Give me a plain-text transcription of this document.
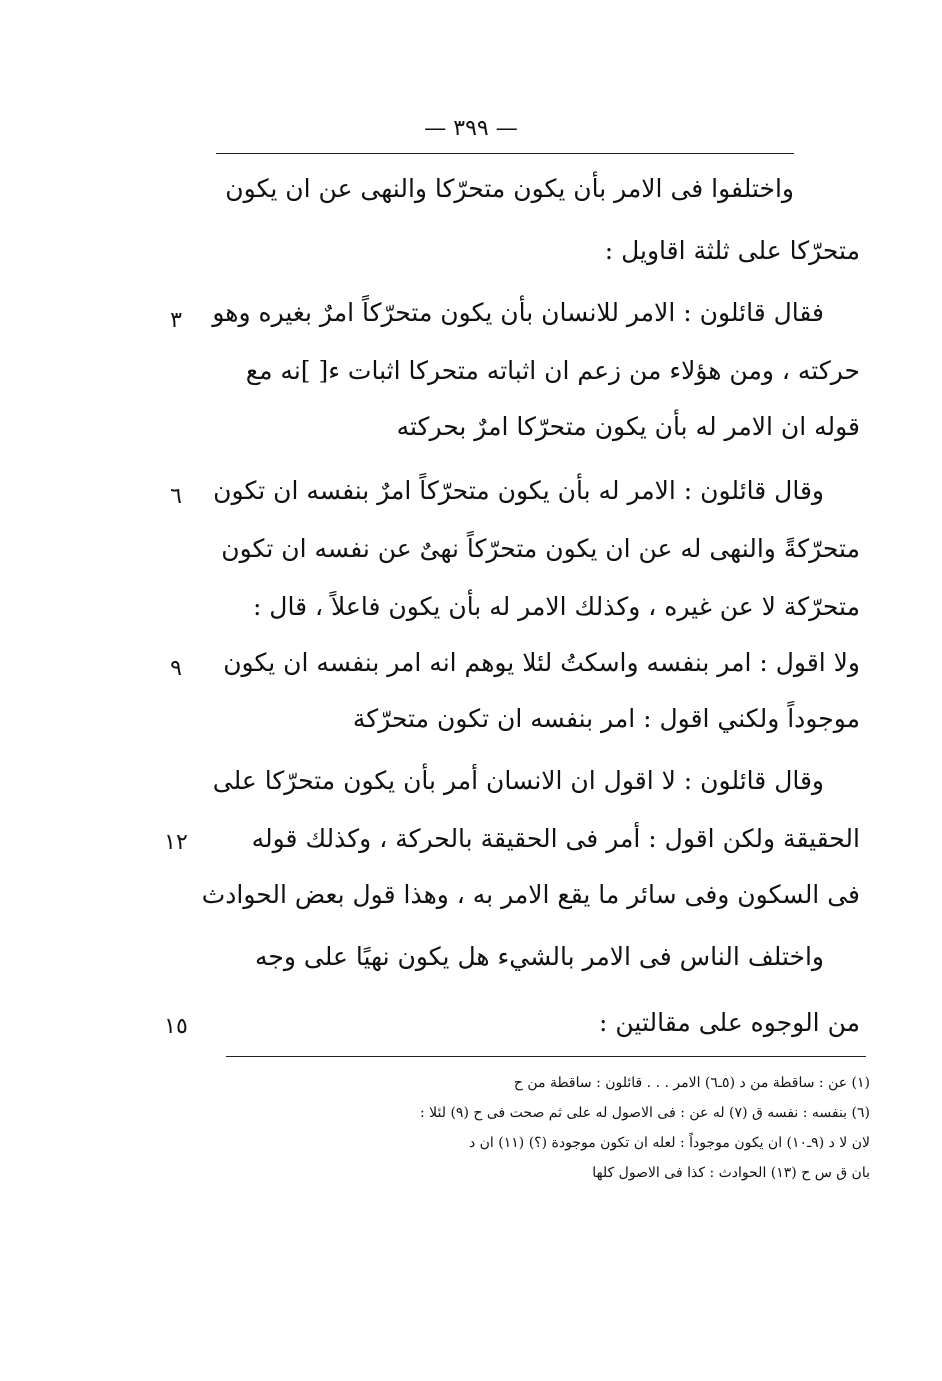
— ٣٩٩ —
واختلفوا فى الامر بأن يكون متحرّكا والنهى عن ان يكون
متحرّكا على ثلثة اقاويل :
فقال قائلون : الامر للانسان بأن يكون متحرّكاً امرٌ بغيره وهو
حركته ، ومن هؤلاء من زعم ان اثباته متحركا اثبات ء[ ]نه مع
قوله ان الامر له بأن يكون متحرّكا امرٌ بحركته
وقال قائلون : الامر له بأن يكون متحرّكاً امرٌ بنفسه ان تكون
متحرّكةً والنهى له عن ان يكون متحرّكاً نهىٌ عن نفسه ان تكون
متحرّكة لا عن غيره ، وكذلك الامر له بأن يكون فاعلاً ، قال :
ولا اقول : امر بنفسه واسكتُ لئلا يوهم انه امر بنفسه ان يكون
موجوداً ولكني اقول : امر بنفسه ان تكون متحرّكة
وقال قائلون : لا اقول ان الانسان أمر بأن يكون متحرّكا على
الحقيقة ولكن اقول : أمر فى الحقيقة بالحركة ، وكذلك قوله
فى السكون وفى سائر ما يقع الامر به ، وهذا قول بعض الحوادث
واختلف الناس فى الامر بالشيء هل يكون نهيًا على وجه
من الوجوه على مقالتين :
٣
٦
٩
١٢
١٥
(١) عن : ساقطة من د (٥ـ٦) الامر . . . قائلون : ساقطة من ح
(٦) بنفسه : نفسه ق (٧) له عن : فى الاصول له على ثم صحت فى ح (٩) لئلا :
لان لا د (٩ـ١٠) ان يكون موجوداً : لعله ان تكون موجودة (؟) (١١) ان د
بان ق س ح (١٣) الحوادث : كذا فى الاصول كلها
